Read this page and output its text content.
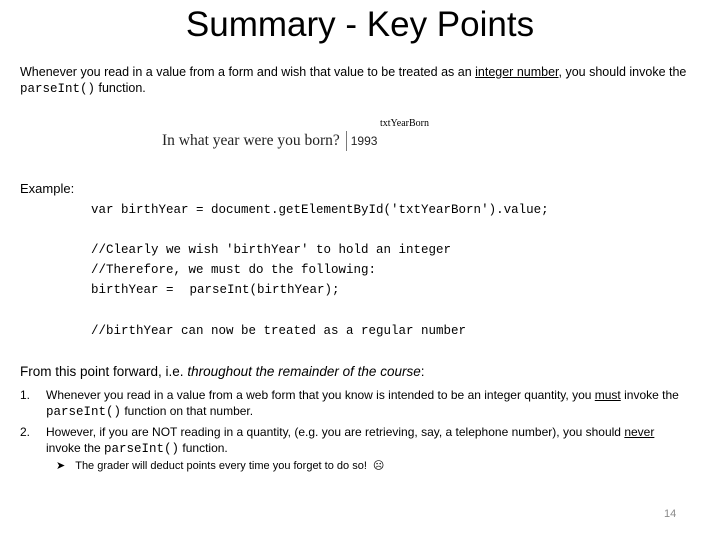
Summary - Key Points
Whenever you read in a value from a form and wish that value to be treated as an integer number, you should invoke the parseInt() function.
txtYearBorn
In what year were you born? 1993
Example:
var birthYear = document.getElementById('txtYearBorn').value;
//Clearly we wish 'birthYear' to hold an integer
//Therefore, we must do the following:
birthYear = parseInt(birthYear);
//birthYear can now be treated as a regular number
From this point forward, i.e. throughout the remainder of the course:
1.	Whenever you read in a value from a web form that you know is intended to be an integer quantity, you must invoke the parseInt() function on that number.
2.	However, if you are NOT reading in a quantity, (e.g. you are retrieving, say, a telephone number), you should never invoke the parseInt() function.
➤ The grader will deduct points every time you forget to do so! ☹
14
